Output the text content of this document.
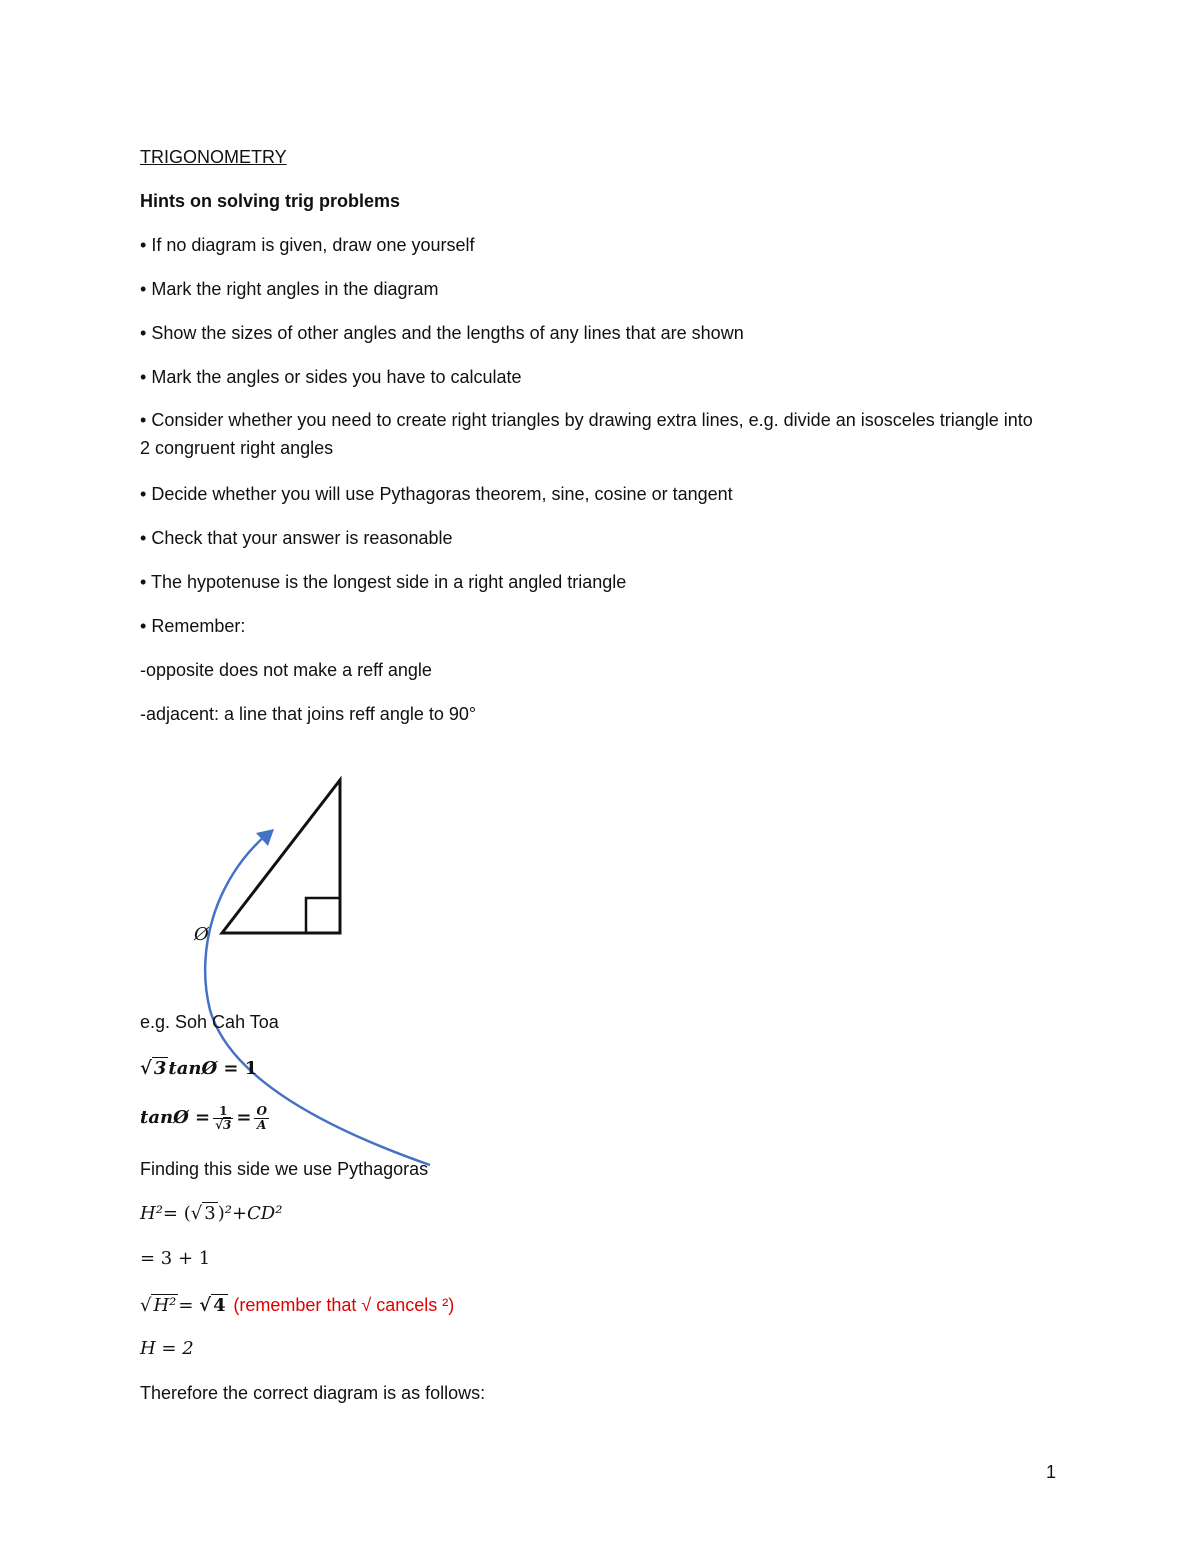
TRIGONOMETRY
Hints on solving trig problems
• If no diagram is given, draw one yourself
• Mark the right angles in the diagram
• Show the sizes of other angles and the lengths of any lines that are shown
• Mark the angles or sides you have to calculate
• Consider whether you need to create right triangles by drawing extra lines, e.g. divide an isosceles triangle into 2 congruent right angles
• Decide whether you will use Pythagoras theorem, sine, cosine or tangent
• Check that your answer is reasonable
• The hypotenuse is the longest side in a right angled triangle
• Remember:
-opposite does not make a reff angle
-adjacent: a line that joins reff angle to 90°
Ø
e.g. Soh Cah Toa
√ 3 tanØ = 1
tanØ = $\frac{1}{√3} = \frac{O}{A}$
Finding this side we use Pythagoras
H²= (√ 3 )²+CD²
= 3 + 1
√ H² = √ 4 (remember that √ cancels ²)
H = 2
Therefore the correct diagram is as follows:
1
